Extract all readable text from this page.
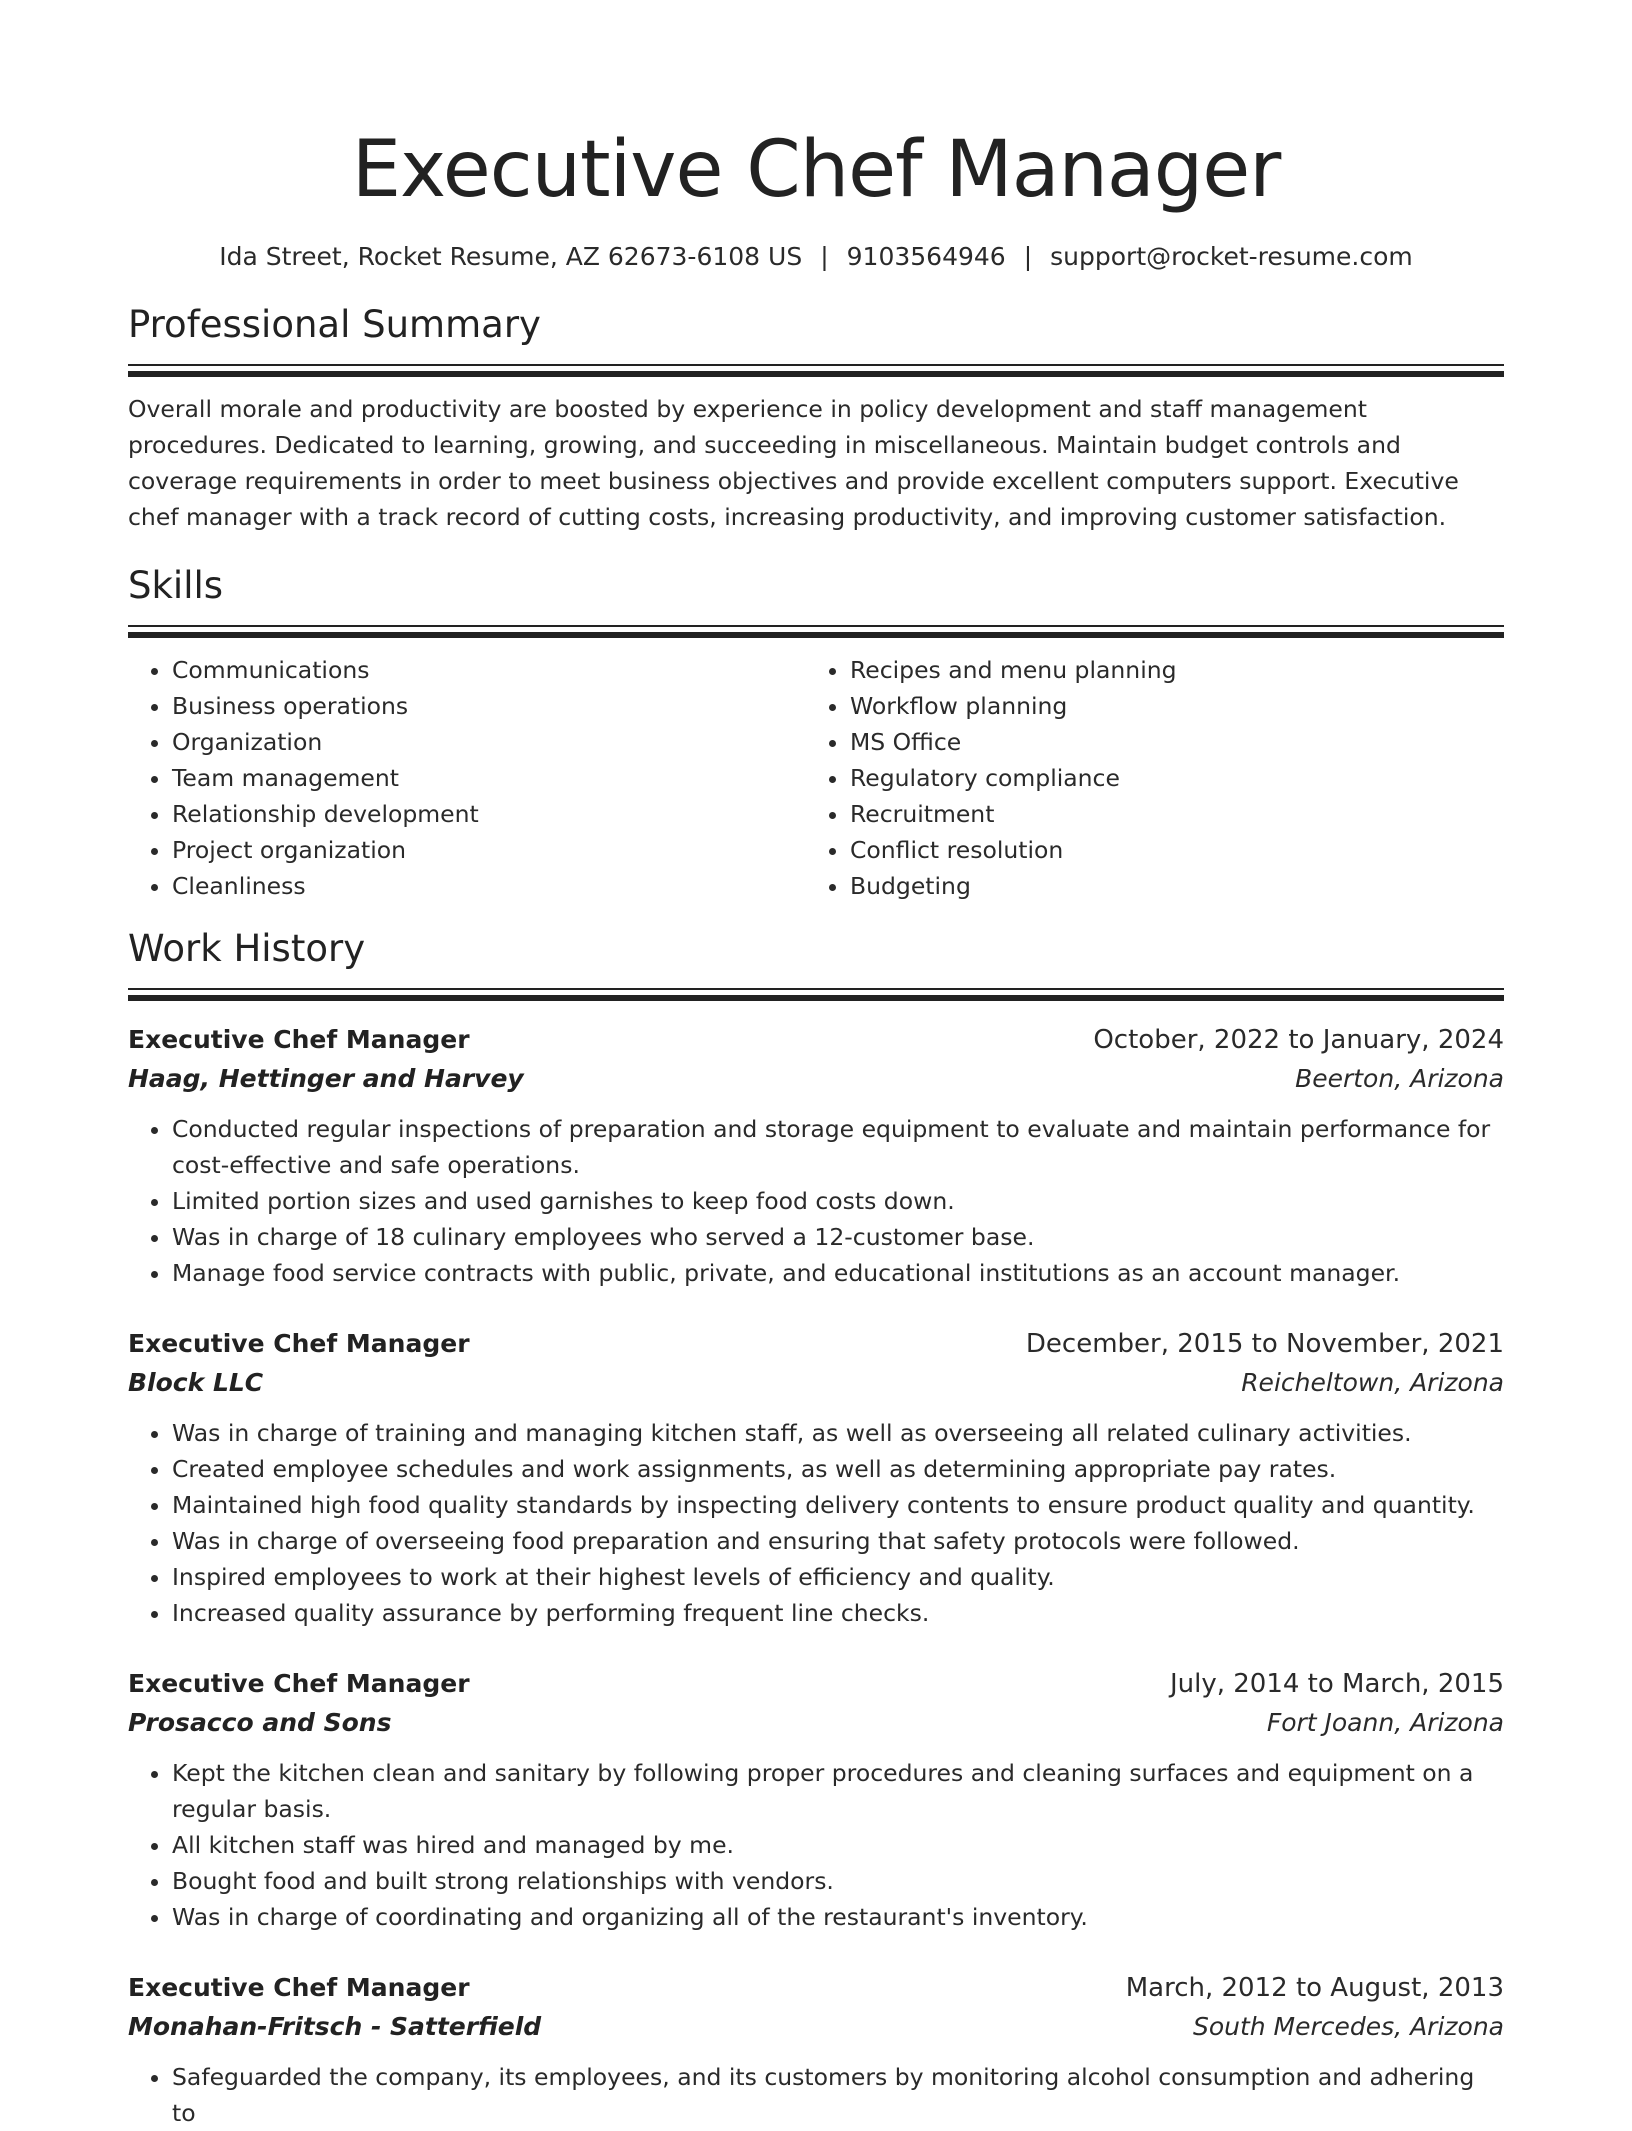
Executive Chef Manager
Ida Street, Rocket Resume, AZ 62673-6108 US | 9103564946 | support@rocket-resume.com
Professional Summary

Overall morale and productivity are boosted by experience in policy development and staff management procedures. Dedicated to learning, growing, and succeeding in miscellaneous. Maintain budget controls and coverage requirements in order to meet business objectives and provide excellent computers support. Executive chef manager with a track record of cutting costs, increasing productivity, and improving customer satisfaction.

Skills
• Communications
• Business operations
• Organization
• Team management
• Relationship development
• Project organization
• Cleanliness
• Recipes and menu planning
• Workflow planning
• MS Office
• Regulatory compliance
• Recruitment
• Conflict resolution
• Budgeting
Work History
Executive Chef Manager	October, 2022 to January, 2024
Haag, Hettinger and Harvey	Beerton, Arizona
• Conducted regular inspections of preparation and storage equipment to evaluate and maintain performance for cost-effective and safe operations.
• Limited portion sizes and used garnishes to keep food costs down.
• Was in charge of 18 culinary employees who served a 12-customer base.
• Manage food service contracts with public, private, and educational institutions as an account manager.
Executive Chef Manager	December, 2015 to November, 2021
Block LLC	Reicheltown, Arizona
• Was in charge of training and managing kitchen staff, as well as overseeing all related culinary activities.
• Created employee schedules and work assignments, as well as determining appropriate pay rates.
• Maintained high food quality standards by inspecting delivery contents to ensure product quality and quantity.
• Was in charge of overseeing food preparation and ensuring that safety protocols were followed.
• Inspired employees to work at their highest levels of efficiency and quality.
• Increased quality assurance by performing frequent line checks.
Executive Chef Manager	July, 2014 to March, 2015
Prosacco and Sons	Fort Joann, Arizona
• Kept the kitchen clean and sanitary by following proper procedures and cleaning surfaces and equipment on a regular basis.
• All kitchen staff was hired and managed by me.
• Bought food and built strong relationships with vendors.
• Was in charge of coordinating and organizing all of the restaurant's inventory.
Executive Chef Manager	March, 2012 to August, 2013
Monahan-Fritsch - Satterfield	South Mercedes, Arizona
• Safeguarded the company, its employees, and its customers by monitoring alcohol consumption and adhering to
